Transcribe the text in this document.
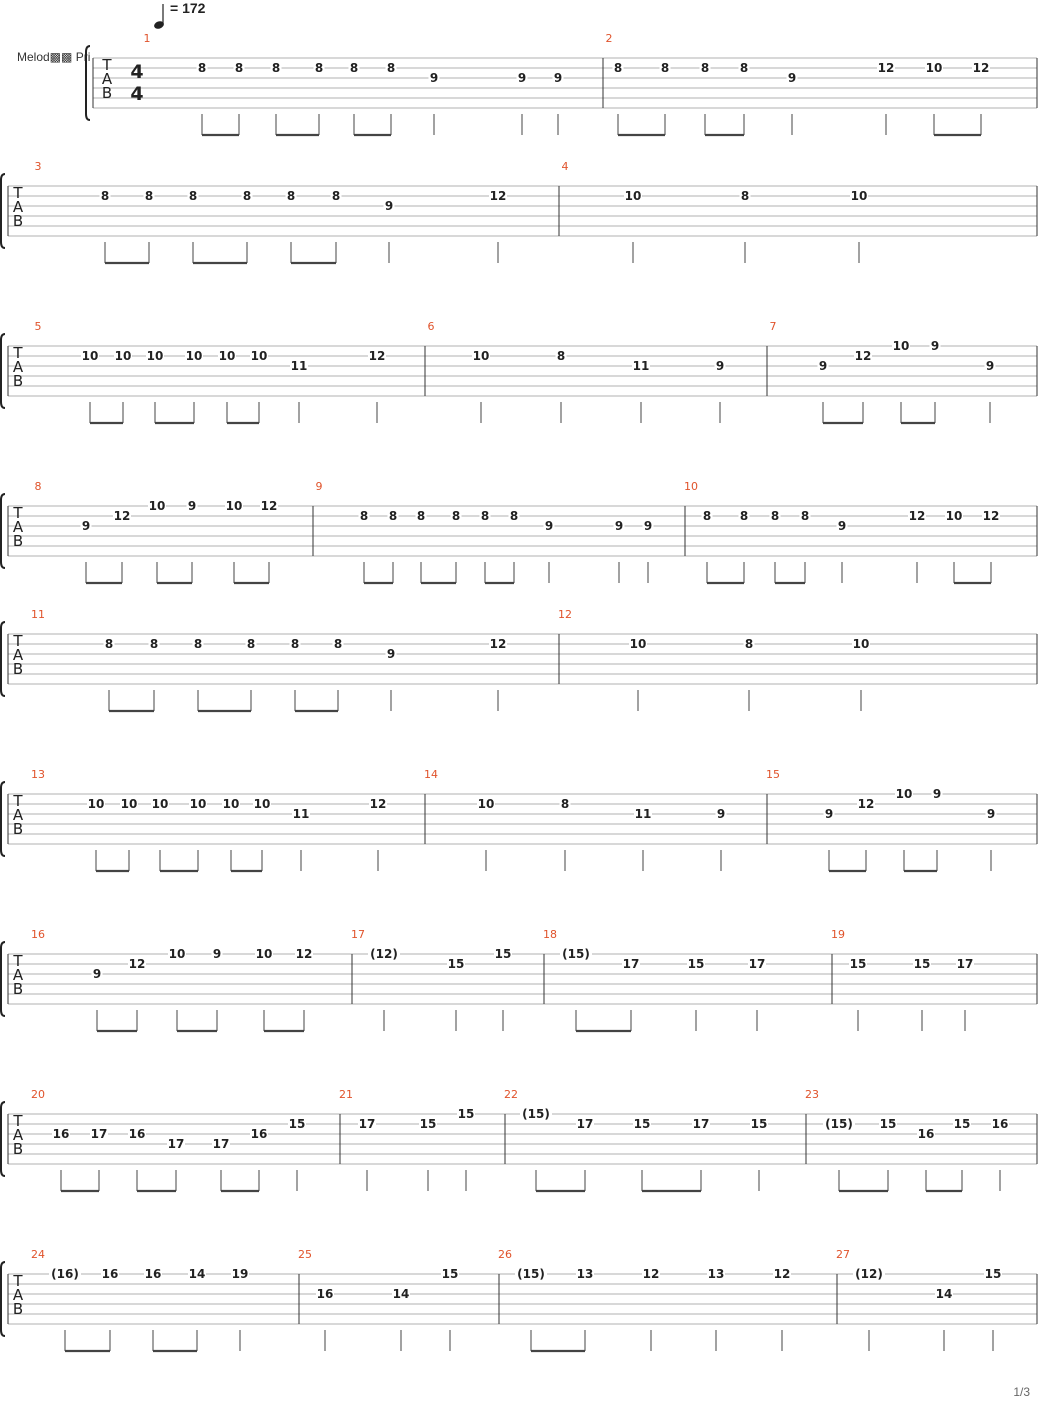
= 172
Melod▩▩ Pri T
A
B
4
4
1
8 8 8	8 8 8
9	9 9
2
8	8	8	8
9
12	10	12
T
A
B
3
8	8	8	8	8	8
9
12
4
10	8	10
T
A
B
5
10 10 10 10 10 10
11
12
6
10	8
11	9
7
9
12
10 9
9
T
A
B
8
9
12
10 9 10 12
9
8 8 8 8 8 8
9	9 9
10
8 8 8 8
9
12 10 12
T
A
B
11
8	8	8	8	8	8
9
12
12
10	8	10
T
A
B
13
10 10 10 10 10 10
11
12
14
10	8
11	9
15
9
12
10 9
9
T
A
B
16
9
12
10 9	10 12
17
(12)
15
15
18
(15)
17	15	17
19
15	15 17
T
A
B
20
16 17 16
17 17
16
15
21
17	15
15
22
(15)
17	15	17	15
23
(15) 15
16
15 16
T
A
B
24
(16) 16 16 14 19
25
16	14
15
26
(15)	13	12	13	12
27
(12)
14
15
1/3
